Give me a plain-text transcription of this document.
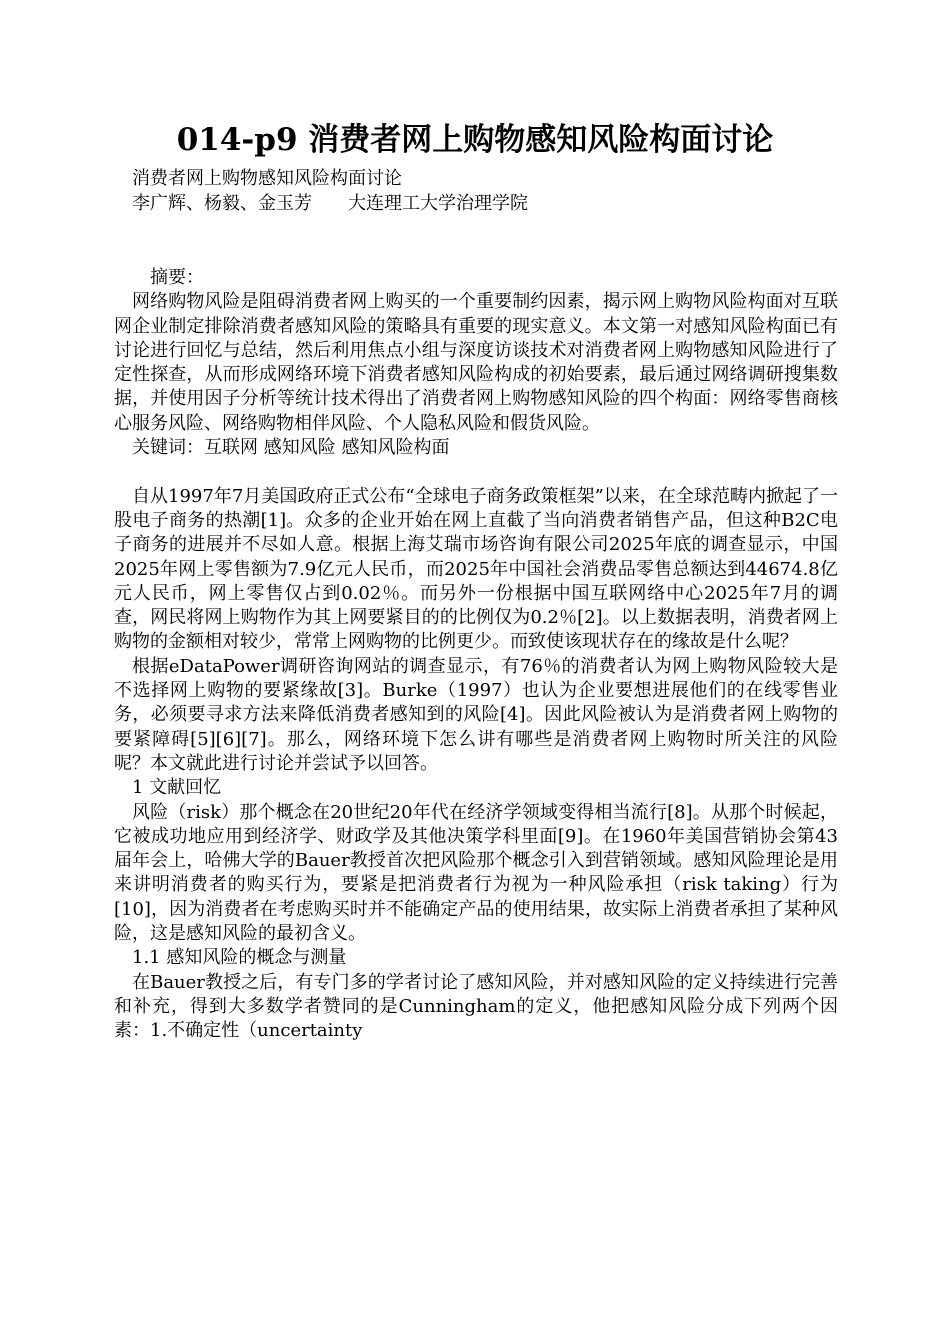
014-p9 消费者网上购物感知风险构面讨论
消费者网上购物感知风险构面讨论
李广辉、杨毅、金玉芳　　大连理工大学治理学院

摘要：

网络购物风险是阻碍消费者网上购买的一个重要制约因素，揭示网上购物风险构面对互联网企业制定排除消费者感知风险的策略具有重要的现实意义。本文第一对感知风险构面已有讨论进行回忆与总结，然后利用焦点小组与深度访谈技术对消费者网上购物感知风险进行了定性探查，从而形成网络环境下消费者感知风险构成的初始要素，最后通过网络调研搜集数据，并使用因子分析等统计技术得出了消费者网上购物感知风险的四个构面：网络零售商核心服务风险、网络购物相伴风险、个人隐私风险和假货风险。

关键词：互联网 感知风险 感知风险构面

自从1997年7月美国政府正式公布“全球电子商务政策框架”以来，在全球范畴内掀起了一股电子商务的热潮[1]。众多的企业开始在网上直截了当向消费者销售产品，但这种B2C电子商务的进展并不尽如人意。根据上海艾瑞市场咨询有限公司2025年底的调查显示，中国2025年网上零售额为7.9亿元人民币，而2025年中国社会消费品零售总额达到44674.8亿元人民币，网上零售仅占到0.02％。而另外一份根据中国互联网络中心2025年7月的调查，网民将网上购物作为其上网要紧目的的比例仅为0.2％[2]。以上数据表明，消费者网上购物的金额相对较少，常常上网购物的比例更少。而致使该现状存在的缘故是什么呢？

根据eDataPower调研咨询网站的调查显示，有76％的消费者认为网上购物风险较大是不选择网上购物的要紧缘故[3]。Burke（1997）也认为企业要想进展他们的在线零售业务，必须要寻求方法来降低消费者感知到的风险[4]。因此风险被认为是消费者网上购物的要紧障碍[5][6][7]。那么，网络环境下怎么讲有哪些是消费者网上购物时所关注的风险呢？本文就此进行讨论并尝试予以回答。

1 文献回忆

风险（risk）那个概念在20世纪20年代在经济学领域变得相当流行[8]。从那个时候起，它被成功地应用到经济学、财政学及其他决策学科里面[9]。在1960年美国营销协会第43届年会上，哈佛大学的Bauer教授首次把风险那个概念引入到营销领域。感知风险理论是用来讲明消费者的购买行为，要紧是把消费者行为视为一种风险承担（risk taking）行为[10]，因为消费者在考虑购买时并不能确定产品的使用结果，故实际上消费者承担了某种风险，这是感知风险的最初含义。

1.1 感知风险的概念与测量

在Bauer教授之后，有专门多的学者讨论了感知风险，并对感知风险的定义持续进行完善和补充，得到大多数学者赞同的是Cunningham的定义，他把感知风险分成下列两个因素：1.不确定性（uncertainty
